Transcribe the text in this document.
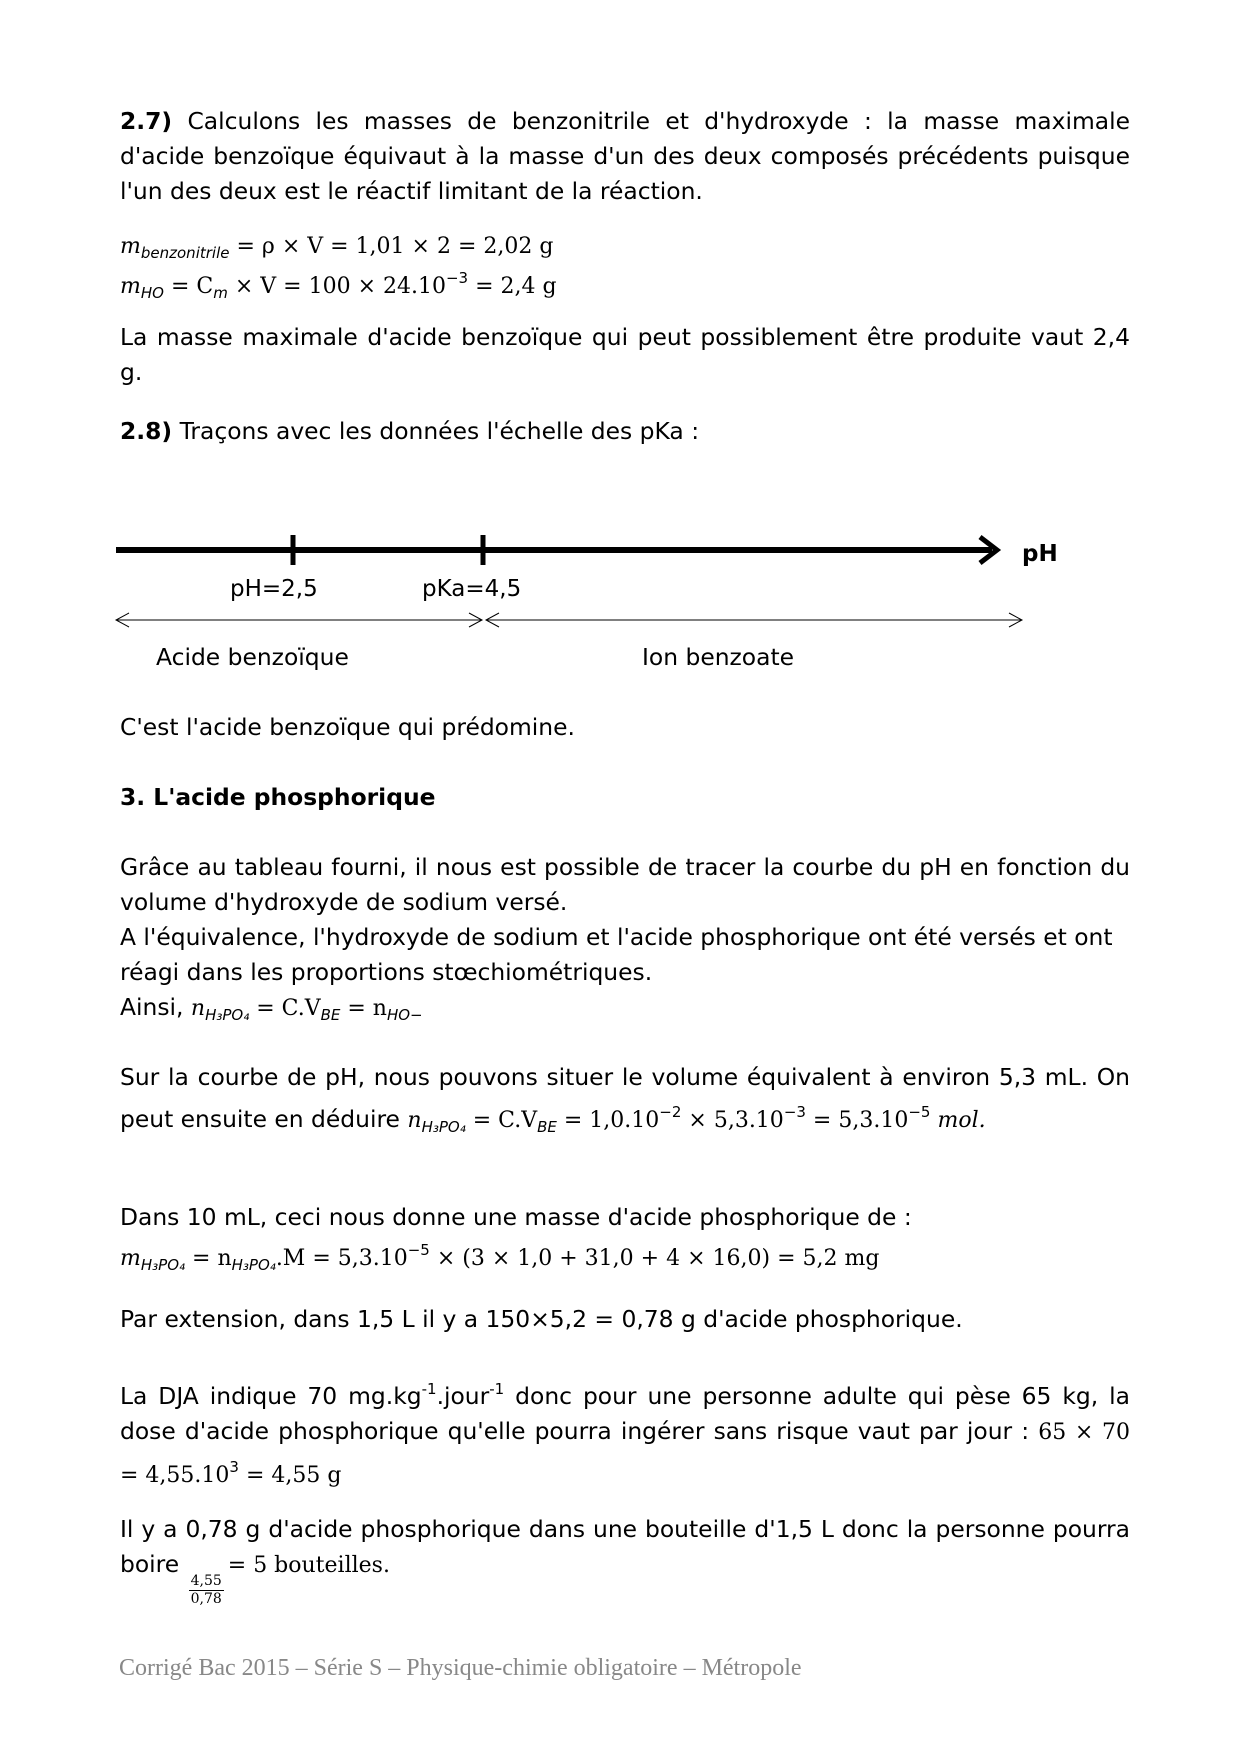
2.7) Calculons les masses de benzonitrile et d'hydroxyde : la masse maximale d'acide benzoïque équivaut à la masse d'un des deux composés précédents puisque l'un des deux est le réactif limitant de la réaction.

$m_{benzonitrile} = \rho \times V = 1,01 \times 2 = 2,02$ g

$m_{HO} = C_m \times V = 100 \times 24.10^{-3} = 2,4$ g

La masse maximale d'acide benzoïque qui peut possiblement être produite vaut 2,4 g.

2.8) Traçons avec les données l'échelle des pKa :

pH
pH=2,5	pKa=4,5
Acide benzoïque	Ion benzoate

C'est l'acide benzoïque qui prédomine.

3. L'acide phosphorique

Grâce au tableau fourni, il nous est possible de tracer la courbe du pH en fonction du volume d'hydroxyde de sodium versé.

A l'équivalence, l'hydroxyde de sodium et l'acide phosphorique ont été versés et ont réagi dans les proportions stœchiométriques.

Ainsi, $n_{H_3PO_4} = C.V_{BE} = n_{HO-}$

Sur la courbe de pH, nous pouvons situer le volume équivalent à environ 5,3 mL. On peut ensuite en déduire $n_{H_3PO_4} = C.V_{BE} = 1,0.10^{-2} \times 5,3.10^{-3} = 5,3.10^{-5}$ mol.

Dans 10 mL, ceci nous donne une masse d'acide phosphorique de :

$m_{H_3PO_4} = n_{H_3PO_4}.M = 5,3.10^{-5} \times (3 \times 1,0 + 31,0 + 4 \times 16,0) = 5,2$ mg

Par extension, dans 1,5 L il y a 150×5,2 = 0,78 g d'acide phosphorique.

La DJA indique 70 $mg.kg^{-1}.jour^{-1}$ donc pour une personne adulte qui pèse 65 kg, la dose d'acide phosphorique qu'elle pourra ingérer sans risque vaut par jour : $65 \times 70 = 4,55.10^3 = 4,55$ g

Il y a 0,78 g d'acide phosphorique dans une bouteille d'1,5 L donc la personne pourra boire
$\frac{4,55}{0,78}$
= 5 bouteilles.

Corrigé Bac 2015 – Série S – Physique-chimie obligatoire – Métropole
